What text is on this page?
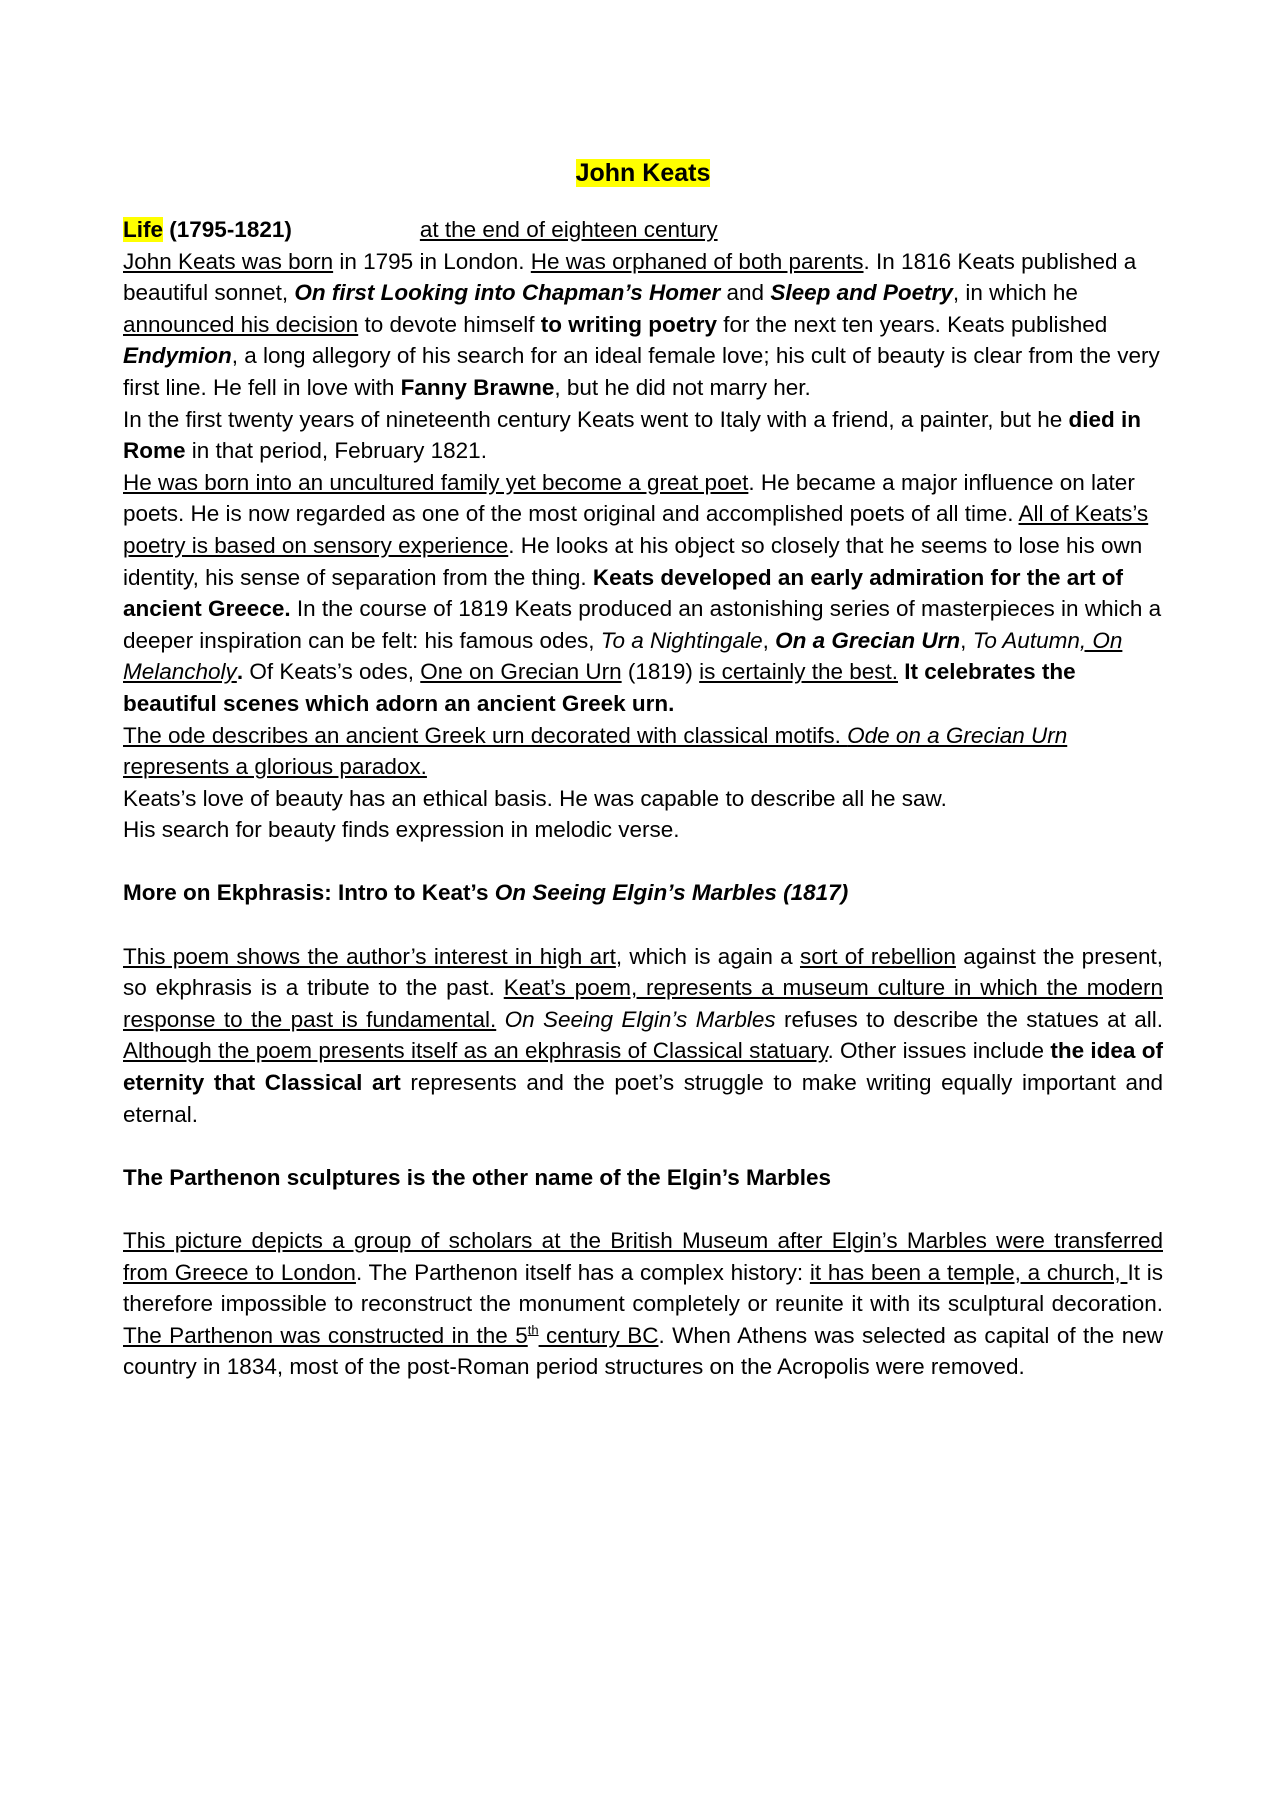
John Keats

Life (1795-1821)	at the end of eighteen century

John Keats was born in 1795 in London. He was orphaned of both parents. In 1816 Keats published a beautiful sonnet, On first Looking into Chapman’s Homer and Sleep and Poetry, in which he announced his decision to devote himself to writing poetry for the next ten years. Keats published Endymion, a long allegory of his search for an ideal female love; his cult of beauty is clear from the very first line. He fell in love with Fanny Brawne, but he did not marry her.

In the first twenty years of nineteenth century Keats went to Italy with a friend, a painter, but he died in Rome in that period, February 1821.

He was born into an uncultured family yet become a great poet. He became a major influence on later poets. He is now regarded as one of the most original and accomplished poets of all time. All of Keats’s poetry is based on sensory experience. He looks at his object so closely that he seems to lose his own identity, his sense of separation from the thing. Keats developed an early admiration for the art of ancient Greece. In the course of 1819 Keats produced an astonishing series of masterpieces in which a deeper inspiration can be felt: his famous odes, To a Nightingale, On a Grecian Urn, To Autumn, On Melancholy. Of Keats’s odes, One on Grecian Urn (1819) is certainly the best. It celebrates the beautiful scenes which adorn an ancient Greek urn.

The ode describes an ancient Greek urn decorated with classical motifs. Ode on a Grecian Urn represents a glorious paradox.

Keats’s love of beauty has an ethical basis. He was capable to describe all he saw.

His search for beauty finds expression in melodic verse.

More on Ekphrasis: Intro to Keat’s On Seeing Elgin’s Marbles (1817)

This poem shows the author’s interest in high art, which is again a sort of rebellion against the present, so ekphrasis is a tribute to the past. Keat’s poem, represents a museum culture in which the modern response to the past is fundamental. On Seeing Elgin’s Marbles refuses to describe the statues at all. Although the poem presents itself as an ekphrasis of Classical statuary. Other issues include the idea of eternity that Classical art represents and the poet’s struggle to make writing equally important and eternal.

The Parthenon sculptures is the other name of the Elgin’s Marbles

This picture depicts a group of scholars at the British Museum after Elgin’s Marbles were transferred from Greece to London. The Parthenon itself has a complex history: it has been a temple, a church, It is therefore impossible to reconstruct the monument completely or reunite it with its sculptural decoration. The Parthenon was constructed in the 5th century BC. When Athens was selected as capital of the new country in 1834, most of the post-Roman period structures on the Acropolis were removed.
